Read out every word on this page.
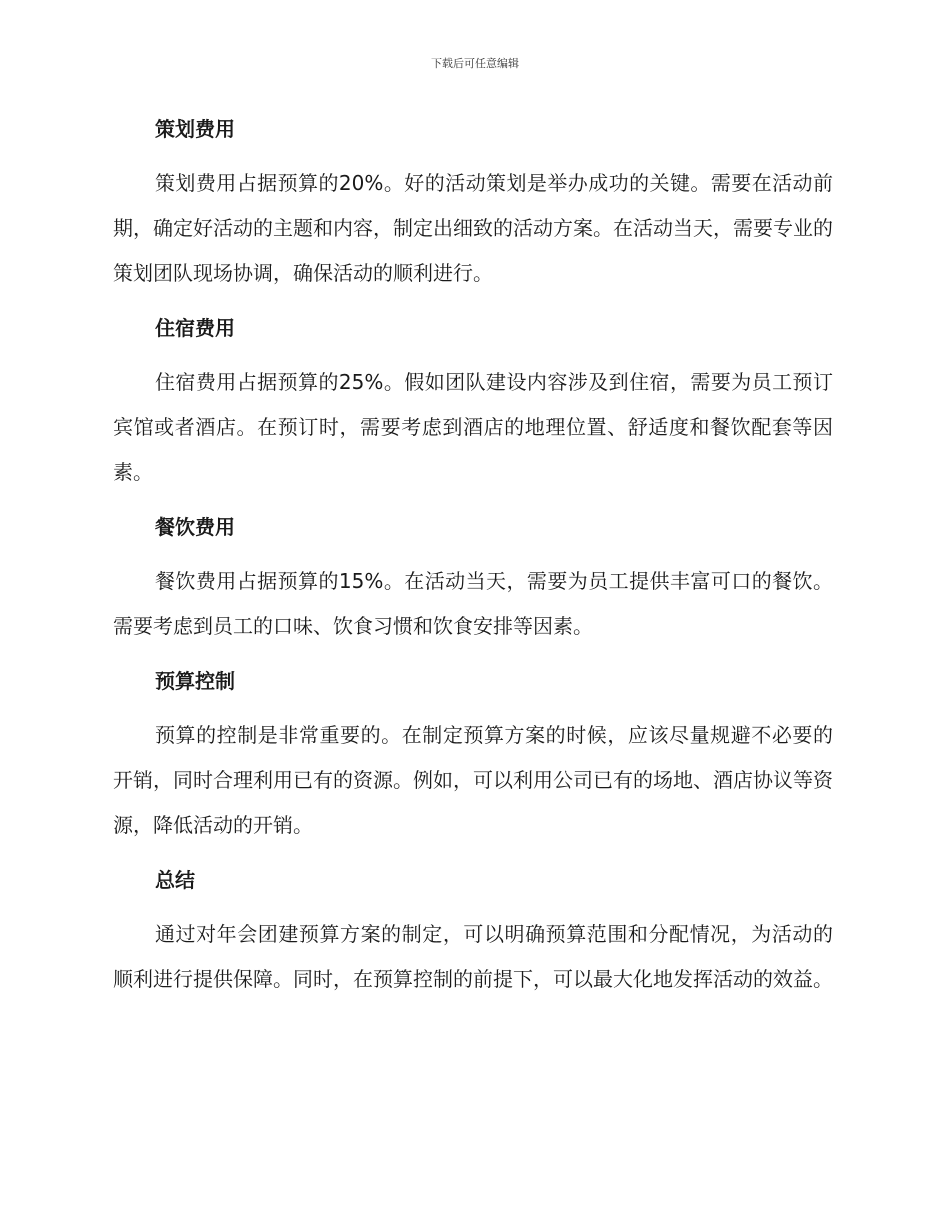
下载后可任意编辑
策划费用

策划费用占据预算的20%。好的活动策划是举办成功的关键。需要在活动前期，确定好活动的主题和内容，制定出细致的活动方案。在活动当天，需要专业的策划团队现场协调，确保活动的顺利进行。

住宿费用

住宿费用占据预算的25%。假如团队建设内容涉及到住宿，需要为员工预订宾馆或者酒店。在预订时，需要考虑到酒店的地理位置、舒适度和餐饮配套等因素。

餐饮费用

餐饮费用占据预算的15%。在活动当天，需要为员工提供丰富可口的餐饮。需要考虑到员工的口味、饮食习惯和饮食安排等因素。

预算控制

预算的控制是非常重要的。在制定预算方案的时候，应该尽量规避不必要的开销，同时合理利用已有的资源。例如，可以利用公司已有的场地、酒店协议等资源，降低活动的开销。

总结

通过对年会团建预算方案的制定，可以明确预算范围和分配情况，为活动的顺利进行提供保障。同时，在预算控制的前提下，可以最大化地发挥活动的效益。
